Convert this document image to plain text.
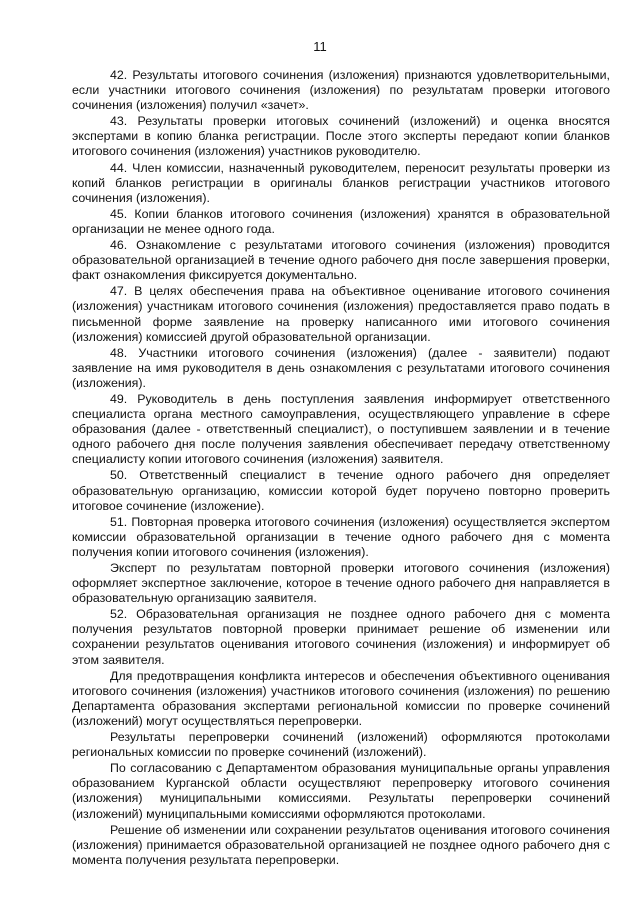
11

42. Результаты итогового сочинения (изложения) признаются удовлетворительными, если участники итогового сочинения (изложения) по результатам проверки итогового сочинения (изложения) получил «зачет».

43. Результаты проверки итоговых сочинений (изложений) и оценка вносятся экспертами в копию бланка регистрации. После этого эксперты передают копии бланков итогового сочинения (изложения) участников руководителю.

44. Член комиссии, назначенный руководителем, переносит результаты проверки из копий бланков регистрации в оригиналы бланков регистрации участников итогового сочинения (изложения).

45. Копии бланков итогового сочинения (изложения) хранятся в образовательной организации не менее одного года.

46. Ознакомление с результатами итогового сочинения (изложения) проводится образовательной организацией в течение одного рабочего дня после завершения проверки, факт ознакомления фиксируется документально.

47. В целях обеспечения права на объективное оценивание итогового сочинения (изложения) участникам итогового сочинения (изложения) предоставляется право подать в письменной форме заявление на проверку написанного ими итогового сочинения (изложения) комиссией другой образовательной организации.

48. Участники итогового сочинения (изложения) (далее - заявители) подают заявление на имя руководителя в день ознакомления с результатами итогового сочинения (изложения).

49. Руководитель в день поступления заявления информирует ответственного специалиста органа местного самоуправления, осуществляющего управление в сфере образования (далее - ответственный специалист), о поступившем заявлении и в течение одного рабочего дня после получения заявления обеспечивает передачу ответственному специалисту копии итогового сочинения (изложения) заявителя.

50. Ответственный специалист в течение одного рабочего дня определяет образовательную организацию, комиссии которой будет поручено повторно проверить итоговое сочинение (изложение).

51. Повторная проверка итогового сочинения (изложения) осуществляется экспертом комиссии образовательной организации в течение одного рабочего дня с момента получения копии итогового сочинения (изложения).

Эксперт по результатам повторной проверки итогового сочинения (изложения) оформляет экспертное заключение, которое в течение одного рабочего дня направляется в образовательную организацию заявителя.

52. Образовательная организация не позднее одного рабочего дня с момента получения результатов повторной проверки принимает решение об изменении или сохранении результатов оценивания итогового сочинения (изложения) и информирует об этом заявителя.

Для предотвращения конфликта интересов и обеспечения объективного оценивания итогового сочинения (изложения) участников итогового сочинения (изложения) по решению Департамента образования экспертами региональной комиссии по проверке сочинений (изложений) могут осуществляться перепроверки.

Результаты перепроверки сочинений (изложений) оформляются протоколами региональных комиссии по проверке сочинений (изложений).

По согласованию с Департаментом образования муниципальные органы управления образованием Курганской области осуществляют перепроверку итогового сочинения (изложения) муниципальными комиссиями. Результаты перепроверки сочинений (изложений) муниципальными комиссиями оформляются протоколами.

Решение об изменении или сохранении результатов оценивания итогового сочинения (изложения) принимается образовательной организацией не позднее одного рабочего дня с момента получения результата перепроверки.
